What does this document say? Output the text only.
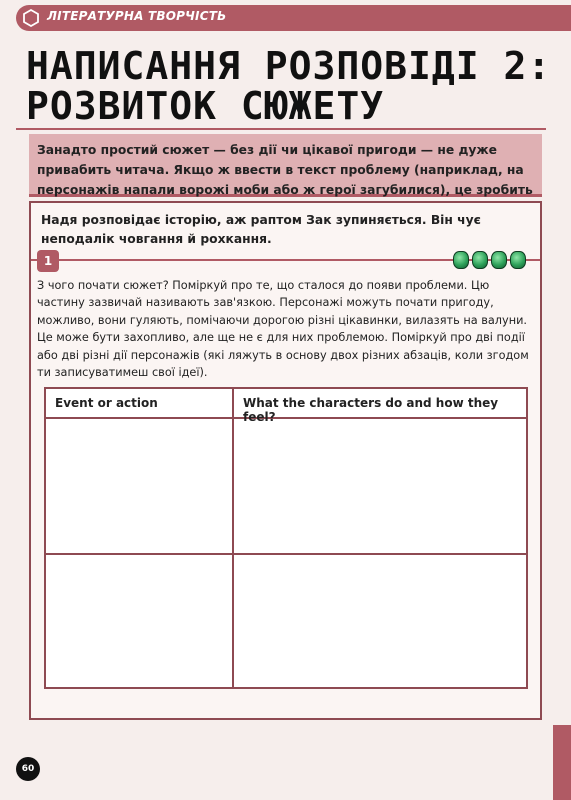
ЛІТЕРАТУРНА ТВОРЧІСТЬ
НАПИСАННЯ РОЗПОВІДІ 2:
РОЗВИТОК СЮЖЕТУ
Занадто простий сюжет — без дії чи цікавої пригоди — не дуже привабить читача. Якщо ж ввести в текст проблему (наприклад, на персонажів напали ворожі моби або ж герої загубилися), це зробить
Надя розповідає історію, аж раптом Зак зупиняється. Він чує неподалік човгання й рохкання.
1
З чого почати сюжет? Поміркуй про те, що сталося до появи проблеми. Цю частину зазвичай називають зав'язкою. Персонажі можуть почати пригоду, можливо, вони гуляють, помічаючи дорогою різні цікавинки, вилазять на валуни. Це може бути захопливо, але ще не є для них проблемою. Поміркуй про дві події або дві різні дії персонажів (які ляжуть в основу двох різних абзаців, коли згодом ти записуватимеш свої ідеї).
Event or action	What the characters do and how they feel?
60
